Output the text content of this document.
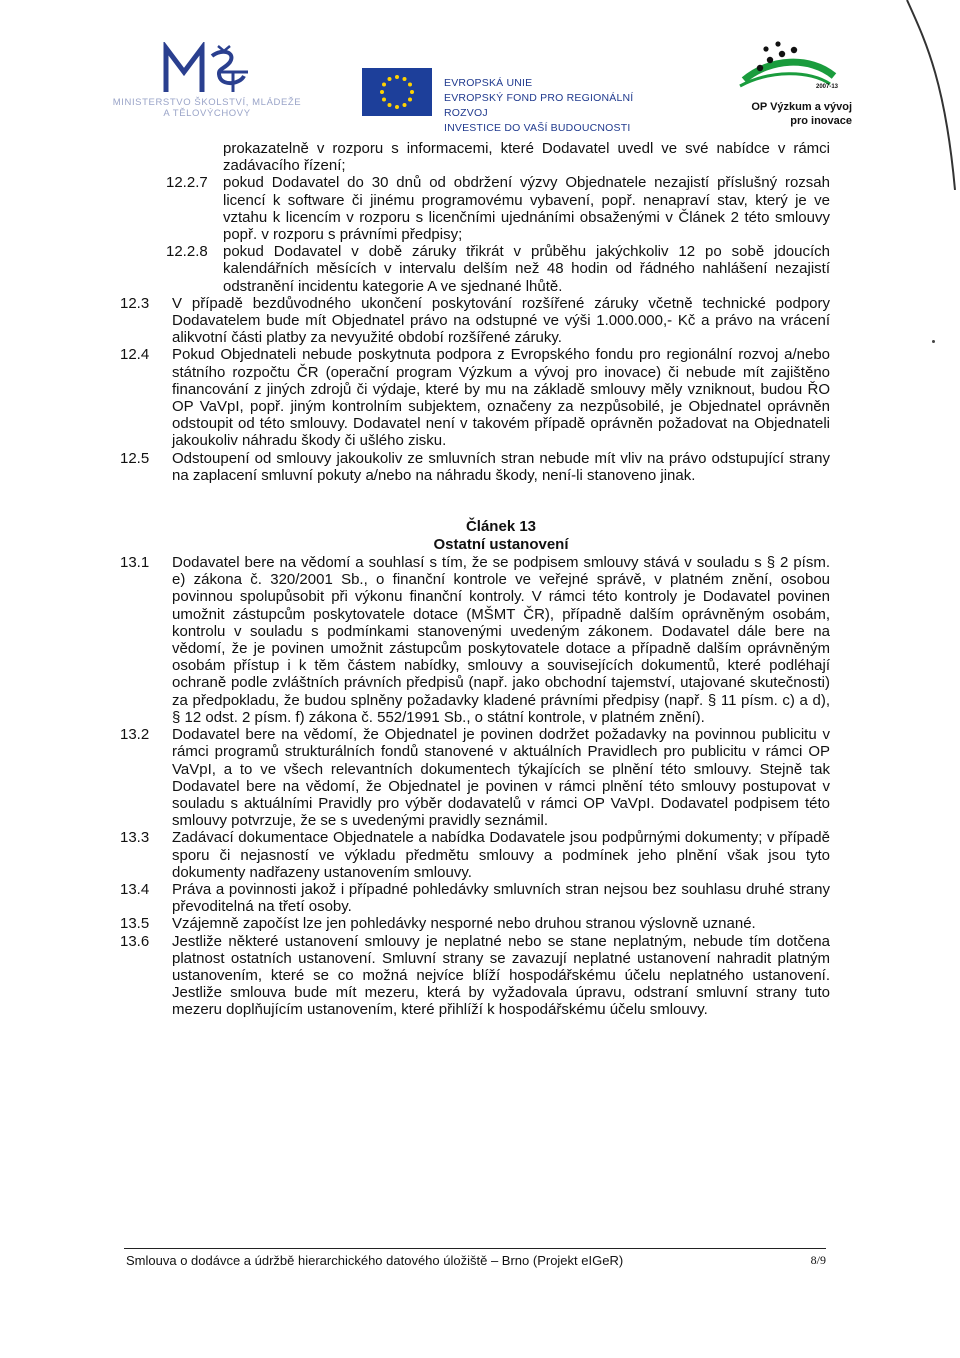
MINISTERSTVO ŠKOLSTVÍ, MLÁDEŽE A TĚLOVÝCHOVY
EVROPSKÁ UNIE
EVROPSKÝ FOND PRO REGIONÁLNÍ ROZVOJ
INVESTICE DO VAŠÍ BUDOUCNOSTI
2007-13
OP Výzkum a vývoj
pro inovace
prokazatelně v rozporu s informacemi, které Dodavatel uvedl ve své nabídce v rámci zadávacího řízení;
12.2.7	pokud Dodavatel do 30 dnů od obdržení výzvy Objednatele nezajistí příslušný rozsah licencí k software či jinému programovému vybavení, popř. nenapraví stav, který je ve vztahu k licencím v rozporu s licenčními ujednáními obsaženými v Článek 2 této smlouvy popř. v rozporu s právními předpisy;
12.2.8	pokud Dodavatel v době záruky třikrát v průběhu jakýchkoliv 12 po sobě jdoucích kalendářních měsících v intervalu delším než 48 hodin od řádného nahlášení nezajistí odstranění incidentu kategorie A ve sjednané lhůtě.
12.3	V případě bezdůvodného ukončení poskytování rozšířené záruky včetně technické podpory Dodavatelem bude mít Objednatel právo na odstupné ve výši 1.000.000,- Kč a právo na vrácení alikvotní části platby za nevyužité období rozšířené záruky.
12.4	Pokud Objednateli nebude poskytnuta podpora z Evropského fondu pro regionální rozvoj a/nebo státního rozpočtu ČR (operační program Výzkum a vývoj pro inovace) či nebude mít zajištěno financování z jiných zdrojů či výdaje, které by mu na základě smlouvy měly vzniknout, budou ŘO OP VaVpI, popř. jiným kontrolním subjektem, označeny za nezpůsobilé, je Objednatel oprávněn odstoupit od této smlouvy. Dodavatel není v takovém případě oprávněn požadovat na Objednateli jakoukoliv náhradu škody či ušlého zisku.
12.5	Odstoupení od smlouvy jakoukoliv ze smluvních stran nebude mít vliv na právo odstupující strany na zaplacení smluvní pokuty a/nebo na náhradu škody, není-li stanoveno jinak.
Článek 13
Ostatní ustanovení
13.1	Dodavatel bere na vědomí a souhlasí s tím, že se podpisem smlouvy stává v souladu s § 2 písm. e) zákona č. 320/2001 Sb., o finanční kontrole ve veřejné správě, v platném znění, osobou povinnou spolupůsobit při výkonu finanční kontroly. V rámci této kontroly je Dodavatel povinen umožnit zástupcům poskytovatele dotace (MŠMT ČR), případně dalším oprávněným osobám, kontrolu v souladu s podmínkami stanovenými uvedeným zákonem. Dodavatel dále bere na vědomí, že je povinen umožnit zástupcům poskytovatele dotace a případně dalším oprávněným osobám přístup i k těm částem nabídky, smlouvy a souvisejících dokumentů, které podléhají ochraně podle zvláštních právních předpisů (např. jako obchodní tajemství, utajované skutečnosti) za předpokladu, že budou splněny požadavky kladené právními předpisy (např. § 11 písm. c) a d), § 12 odst. 2 písm. f) zákona č. 552/1991 Sb., o státní kontrole, v platném znění).
13.2	Dodavatel bere na vědomí, že Objednatel je povinen dodržet požadavky na povinnou publicitu v rámci programů strukturálních fondů stanovené v aktuálních Pravidlech pro publicitu v rámci OP VaVpI, a to ve všech relevantních dokumentech týkajících se plnění této smlouvy. Stejně tak Dodavatel bere na vědomí, že Objednatel je povinen v rámci plnění této smlouvy postupovat v souladu s aktuálními Pravidly pro výběr dodavatelů v rámci OP VaVpI. Dodavatel podpisem této smlouvy potvrzuje, že se s uvedenými pravidly seznámil.
13.3	Zadávací dokumentace Objednatele a nabídka Dodavatele jsou podpůrnými dokumenty; v případě sporu či nejasností ve výkladu předmětu smlouvy a podmínek jeho plnění však jsou tyto dokumenty nadřazeny ustanovením smlouvy.
13.4	Práva a povinnosti jakož i případné pohledávky smluvních stran nejsou bez souhlasu druhé strany převoditelná na třetí osoby.
13.5	Vzájemně započíst lze jen pohledávky nesporné nebo druhou stranou výslovně uznané.
13.6	Jestliže některé ustanovení smlouvy je neplatné nebo se stane neplatným, nebude tím dotčena platnost ostatních ustanovení. Smluvní strany se zavazují neplatné ustanovení nahradit platným ustanovením, které se co možná nejvíce blíží hospodářskému účelu neplatného ustanovení. Jestliže smlouva bude mít mezeru, která by vyžadovala úpravu, odstraní smluvní strany tuto mezeru doplňujícím ustanovením, které přihlíží k hospodářskému účelu smlouvy.
Smlouva o dodávce a údržbě hierarchického datového úložiště – Brno (Projekt eIGeR)	8/9
